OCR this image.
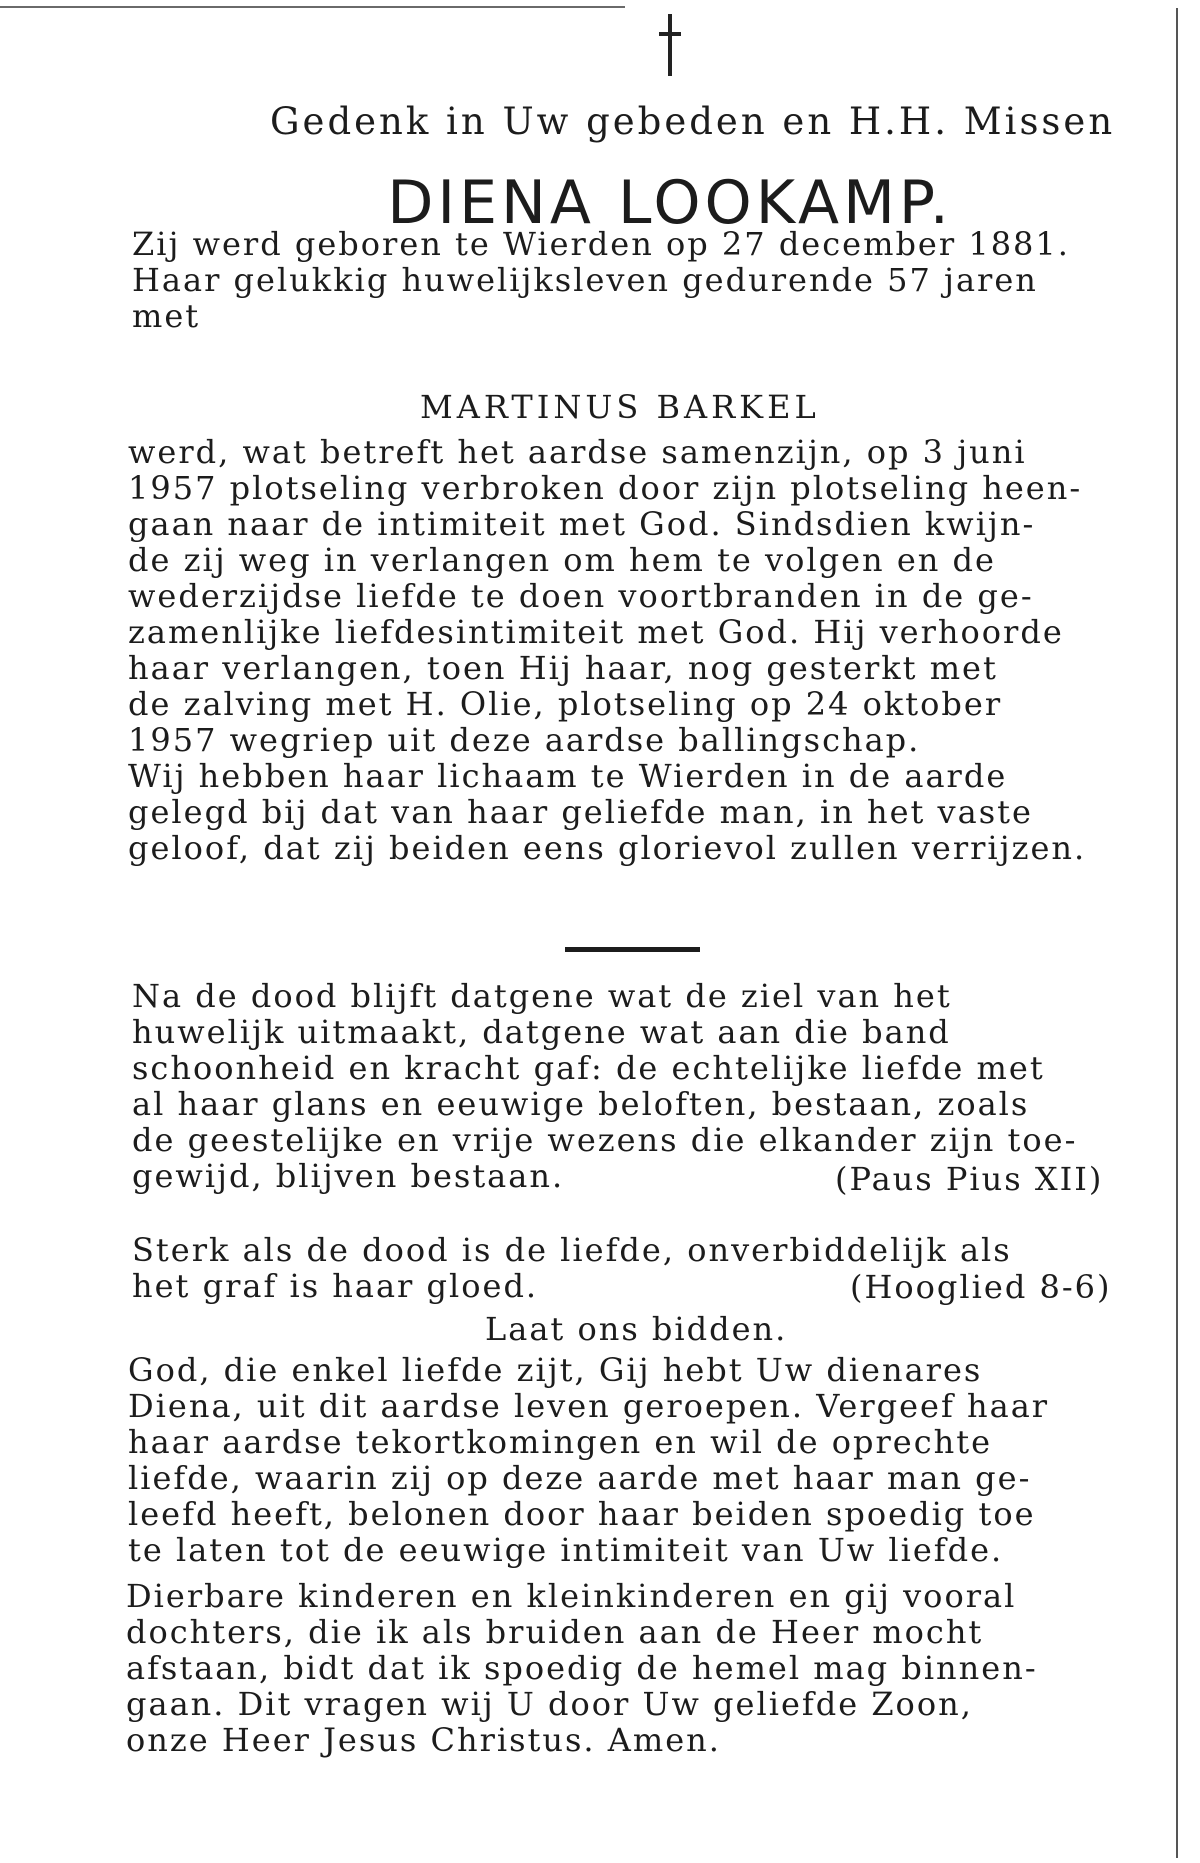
Gedenk in Uw gebeden en H.H. Missen
DIENA LOOKAMP.

Zij werd geboren te Wierden op 27 december 1881.
Haar gelukkig huwelijksleven gedurende 57 jaren
met

MARTINUS BARKEL

werd, wat betreft het aardse samenzijn, op 3 juni
1957 plotseling verbroken door zijn plotseling heen-
gaan naar de intimiteit met God. Sindsdien kwijn-
de zij weg in verlangen om hem te volgen en de
wederzijdse liefde te doen voortbranden in de ge-
zamenlijke liefdesintimiteit met God. Hij verhoorde
haar verlangen, toen Hij haar, nog gesterkt met
de zalving met H. Olie, plotseling op 24 oktober
1957 wegriep uit deze aardse ballingschap.
Wij hebben haar lichaam te Wierden in de aarde
gelegd bij dat van haar geliefde man, in het vaste
geloof, dat zij beiden eens glorievol zullen verrijzen.

Na de dood blijft datgene wat de ziel van het
huwelijk uitmaakt, datgene wat aan die band
schoonheid en kracht gaf: de echtelijke liefde met
al haar glans en eeuwige beloften, bestaan, zoals
de geestelijke en vrije wezens die elkander zijn toe-
gewijd, blijven bestaan.	(Paus Pius XII)

Sterk als de dood is de liefde, onverbiddelijk als
het graf is haar gloed.	(Hooglied 8-6)
Laat ons bidden.

God, die enkel liefde zijt, Gij hebt Uw dienares
Diena, uit dit aardse leven geroepen. Vergeef haar
haar aardse tekortkomingen en wil de oprechte
liefde, waarin zij op deze aarde met haar man ge-
leefd heeft, belonen door haar beiden spoedig toe
te laten tot de eeuwige intimiteit van Uw liefde.

Dierbare kinderen en kleinkinderen en gij vooral
dochters, die ik als bruiden aan de Heer mocht
afstaan, bidt dat ik spoedig de hemel mag binnen-
gaan. Dit vragen wij U door Uw geliefde Zoon,
onze Heer Jesus Christus. Amen.
